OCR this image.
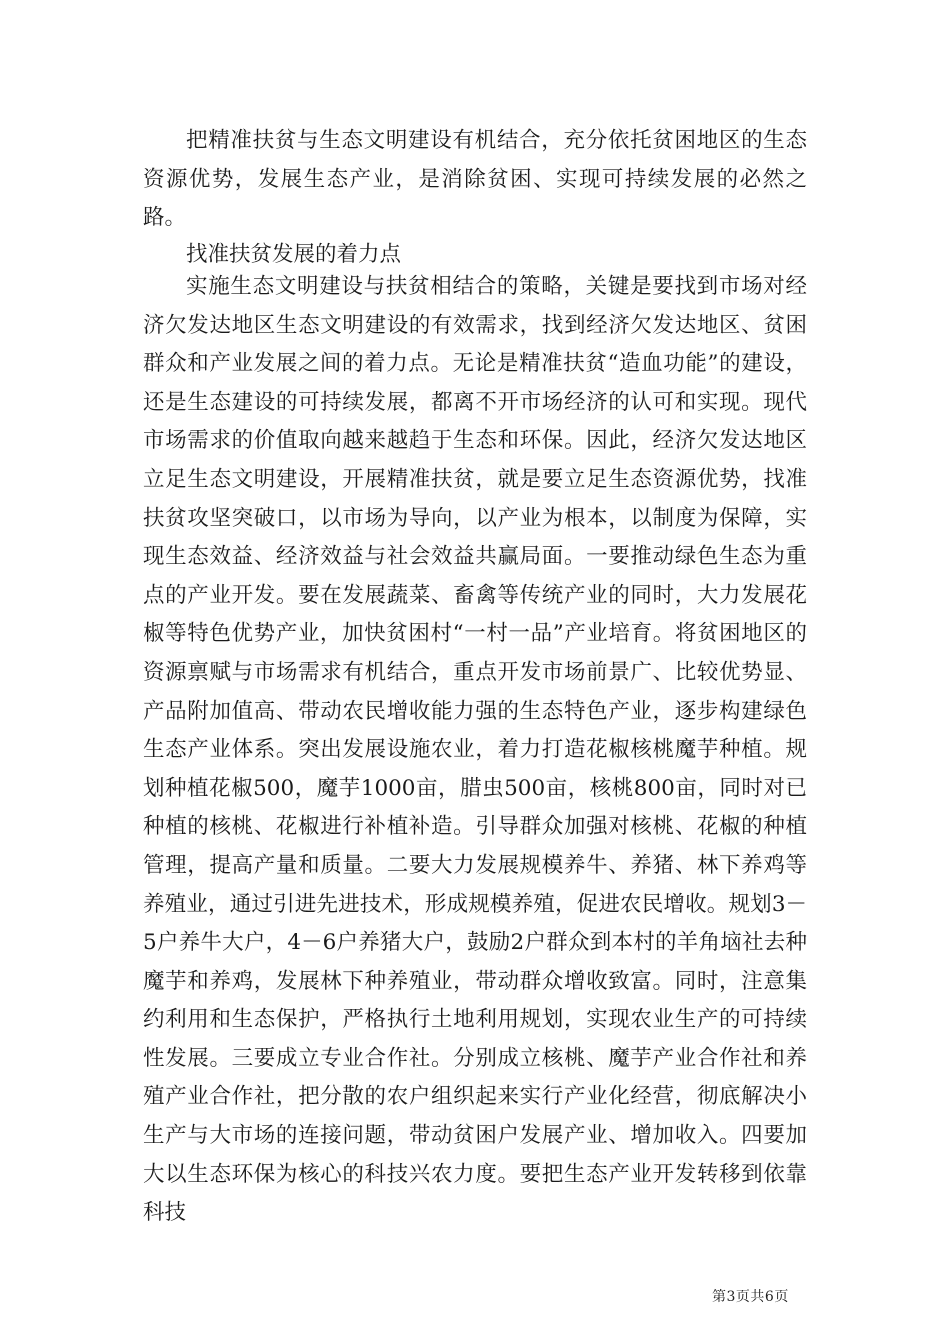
把精准扶贫与生态文明建设有机结合，充分依托贫困地区的生态资源优势，发展生态产业，是消除贫困、实现可持续发展的必然之路。

找准扶贫发展的着力点

实施生态文明建设与扶贫相结合的策略，关键是要找到市场对经济欠发达地区生态文明建设的有效需求，找到经济欠发达地区、贫困群众和产业发展之间的着力点。无论是精准扶贫“造血功能”的建设，还是生态建设的可持续发展，都离不开市场经济的认可和实现。现代市场需求的价值取向越来越趋于生态和环保。因此，经济欠发达地区立足生态文明建设，开展精准扶贫，就是要立足生态资源优势，找准扶贫攻坚突破口，以市场为导向，以产业为根本，以制度为保障，实现生态效益、经济效益与社会效益共赢局面。一要推动绿色生态为重点的产业开发。要在发展蔬菜、畜禽等传统产业的同时，大力发展花椒等特色优势产业，加快贫困村“一村一品”产业培育。将贫困地区的资源禀赋与市场需求有机结合，重点开发市场前景广、比较优势显、产品附加值高、带动农民增收能力强的生态特色产业，逐步构建绿色生态产业体系。突出发展设施农业，着力打造花椒核桃魔芋种植。规划种植花椒500，魔芋1000亩，腊虫500亩，核桃800亩，同时对已种植的核桃、花椒进行补植补造。引导群众加强对核桃、花椒的种植管理，提高产量和质量。二要大力发展规模养牛、养猪、林下养鸡等养殖业，通过引进先进技术，形成规模养殖，促进农民增收。规划3－5户养牛大户，4－6户养猪大户，鼓励2户群众到本村的羊角垴社去种魔芋和养鸡，发展林下种养殖业，带动群众增收致富。同时，注意集约利用和生态保护，严格执行土地利用规划，实现农业生产的可持续性发展。三要成立专业合作社。分别成立核桃、魔芋产业合作社和养殖产业合作社，把分散的农户组织起来实行产业化经营，彻底解决小生产与大市场的连接问题，带动贫困户发展产业、增加收入。四要加大以生态环保为核心的科技兴农力度。要把生态产业开发转移到依靠科技

第3页共6页
